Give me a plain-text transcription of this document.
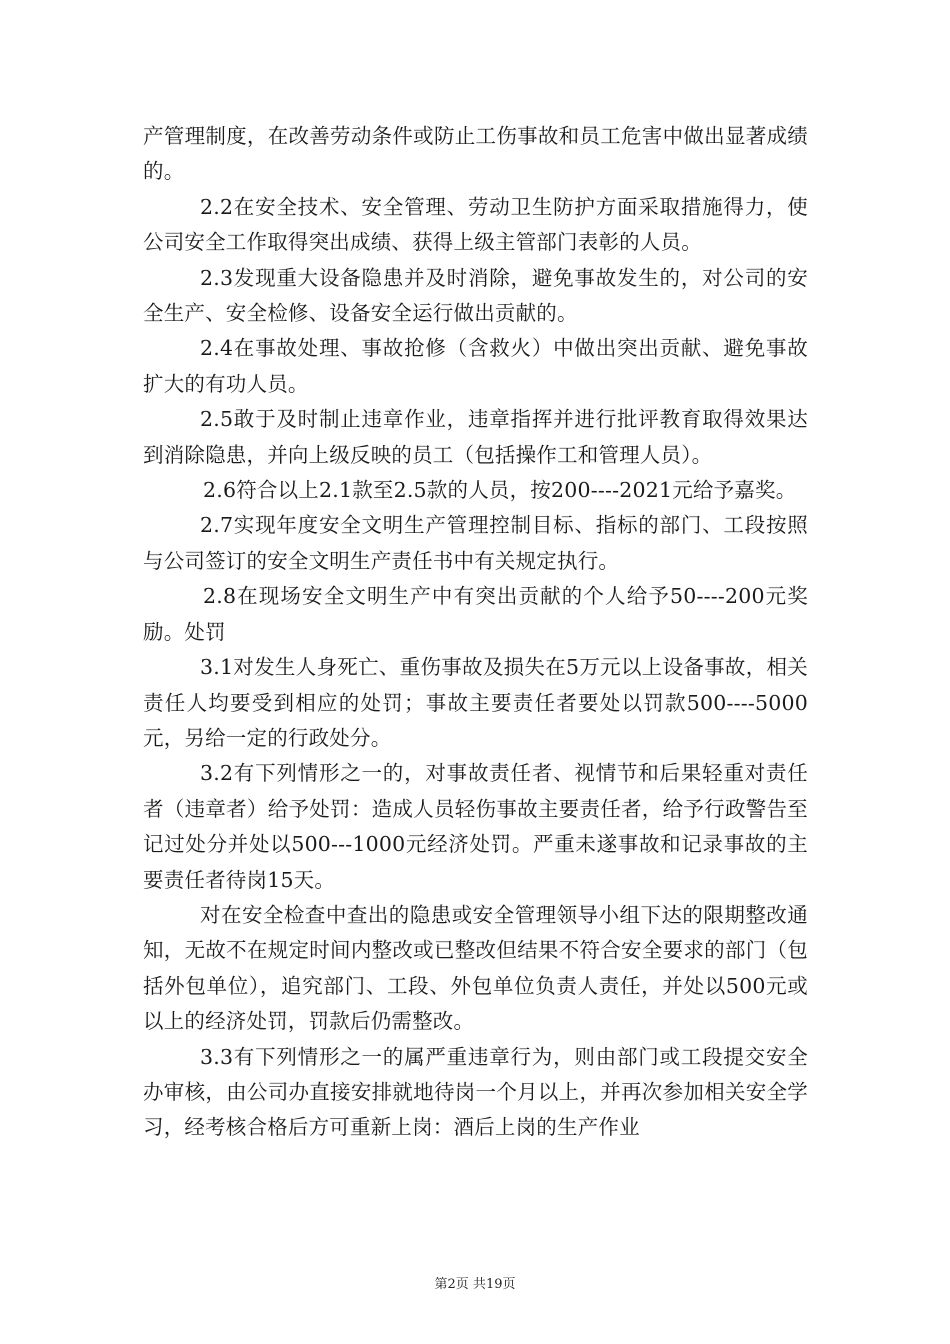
产管理制度，在改善劳动条件或防止工伤事故和员工危害中做出显著成绩的。

2.2在安全技术、安全管理、劳动卫生防护方面采取措施得力，使公司安全工作取得突出成绩、获得上级主管部门表彰的人员。

2.3发现重大设备隐患并及时消除，避免事故发生的，对公司的安全生产、安全检修、设备安全运行做出贡献的。

2.4在事故处理、事故抢修（含救火）中做出突出贡献、避免事故扩大的有功人员。

2.5敢于及时制止违章作业，违章指挥并进行批评教育取得效果达到消除隐患，并向上级反映的员工（包括操作工和管理人员）。

2.6符合以上2.1款至2.5款的人员，按200----2021元给予嘉奖。

2.7实现年度安全文明生产管理控制目标、指标的部门、工段按照与公司签订的安全文明生产责任书中有关规定执行。

2.8在现场安全文明生产中有突出贡献的个人给予50----200元奖励。处罚

3.1对发生人身死亡、重伤事故及损失在5万元以上设备事故，相关责任人均要受到相应的处罚；事故主要责任者要处以罚款500----5000元，另给一定的行政处分。

3.2有下列情形之一的，对事故责任者、视情节和后果轻重对责任者（违章者）给予处罚：造成人员轻伤事故主要责任者，给予行政警告至记过处分并处以500---1000元经济处罚。严重未遂事故和记录事故的主要责任者待岗15天。

对在安全检查中查出的隐患或安全管理领导小组下达的限期整改通知，无故不在规定时间内整改或已整改但结果不符合安全要求的部门（包括外包单位），追究部门、工段、外包单位负责人责任，并处以500元或以上的经济处罚，罚款后仍需整改。

3.3有下列情形之一的属严重违章行为，则由部门或工段提交安全办审核，由公司办直接安排就地待岗一个月以上，并再次参加相关安全学习，经考核合格后方可重新上岗：酒后上岗的生产作业

第2页 共19页
